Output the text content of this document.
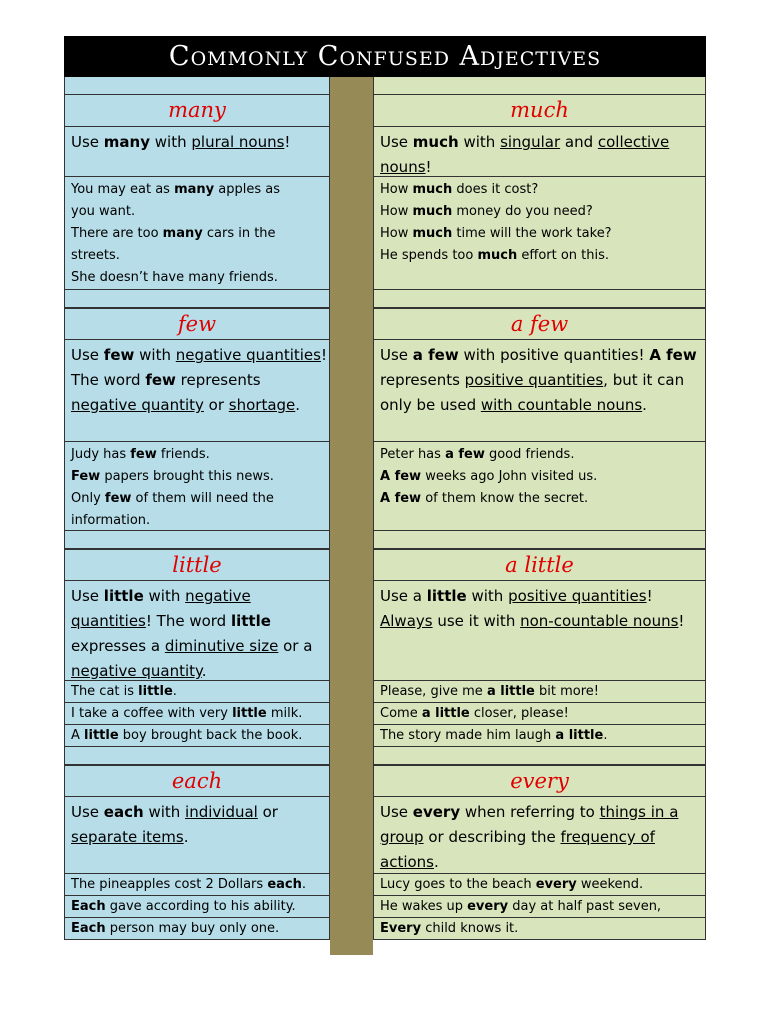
Commonly Confused Adjectives
many
Use many with plural nouns!
You may eat as many apples as
you want.
There are too many cars in the
streets.
She doesn’t have many friends.
few
Use few with negative quantities! The word few represents negative quantity or shortage.
Judy has few friends.
Few papers brought this news.
Only few of them will need the
information.
little
Use little with negative quantities! The word little expresses a diminutive size or a negative quantity.
The cat is little.
I take a coffee with very little milk.
A little boy brought back the book.
each
Use each with individual or separate items.
The pineapples cost 2 Dollars each.
Each gave according to his ability.
Each person may buy only one.
much
Use much with singular and collective nouns!
How much does it cost?
How much money do you need?
How much time will the work take?
He spends too much effort on this.
a few
Use a few with positive quantities! A few represents positive quantities, but it can only be used with countable nouns.
Peter has a few good friends.
A few weeks ago John visited us.
A few of them know the secret.
a little
Use a little with positive quantities! Always use it with non-countable nouns!
Please, give me a little bit more!
Come a little closer, please!
The story made him laugh a little.
every
Use every when referring to things in a group or describing the frequency of actions.
Lucy goes to the beach every weekend.
He wakes up every day at half past seven,
Every child knows it.
